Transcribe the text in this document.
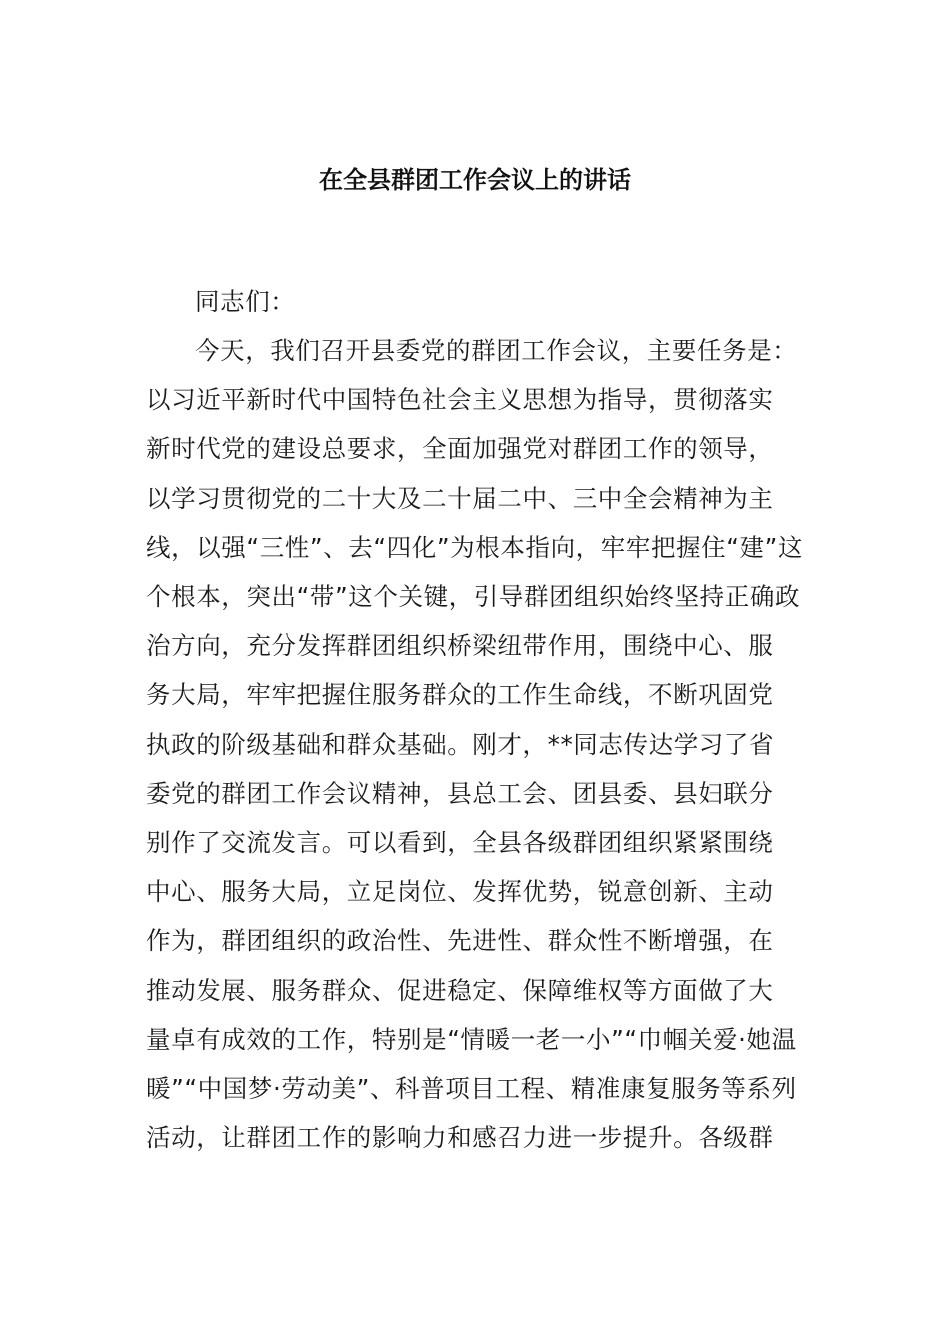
在全县群团工作会议上的讲话
同志们：
今天，我们召开县委党的群团工作会议，主要任务是：
以习近平新时代中国特色社会主义思想为指导，贯彻落实
新时代党的建设总要求，全面加强党对群团工作的领导，
以学习贯彻党的二十大及二十届二中、三中全会精神为主
线，以强“三性”、去“四化”为根本指向，牢牢把握住“建”这
个根本，突出“带”这个关键，引导群团组织始终坚持正确政
治方向，充分发挥群团组织桥梁纽带作用，围绕中心、服
务大局，牢牢把握住服务群众的工作生命线，不断巩固党
执政的阶级基础和群众基础。刚才，**同志传达学习了省
委党的群团工作会议精神，县总工会、团县委、县妇联分
别作了交流发言。可以看到，全县各级群团组织紧紧围绕
中心、服务大局，立足岗位、发挥优势，锐意创新、主动
作为，群团组织的政治性、先进性、群众性不断增强，在
推动发展、服务群众、促进稳定、保障维权等方面做了大
量卓有成效的工作，特别是“情暖一老一小”“巾帼关爱·她温
暖”“中国梦·劳动美”、科普项目工程、精准康复服务等系列
活动，让群团工作的影响力和感召力进一步提升。各级群
